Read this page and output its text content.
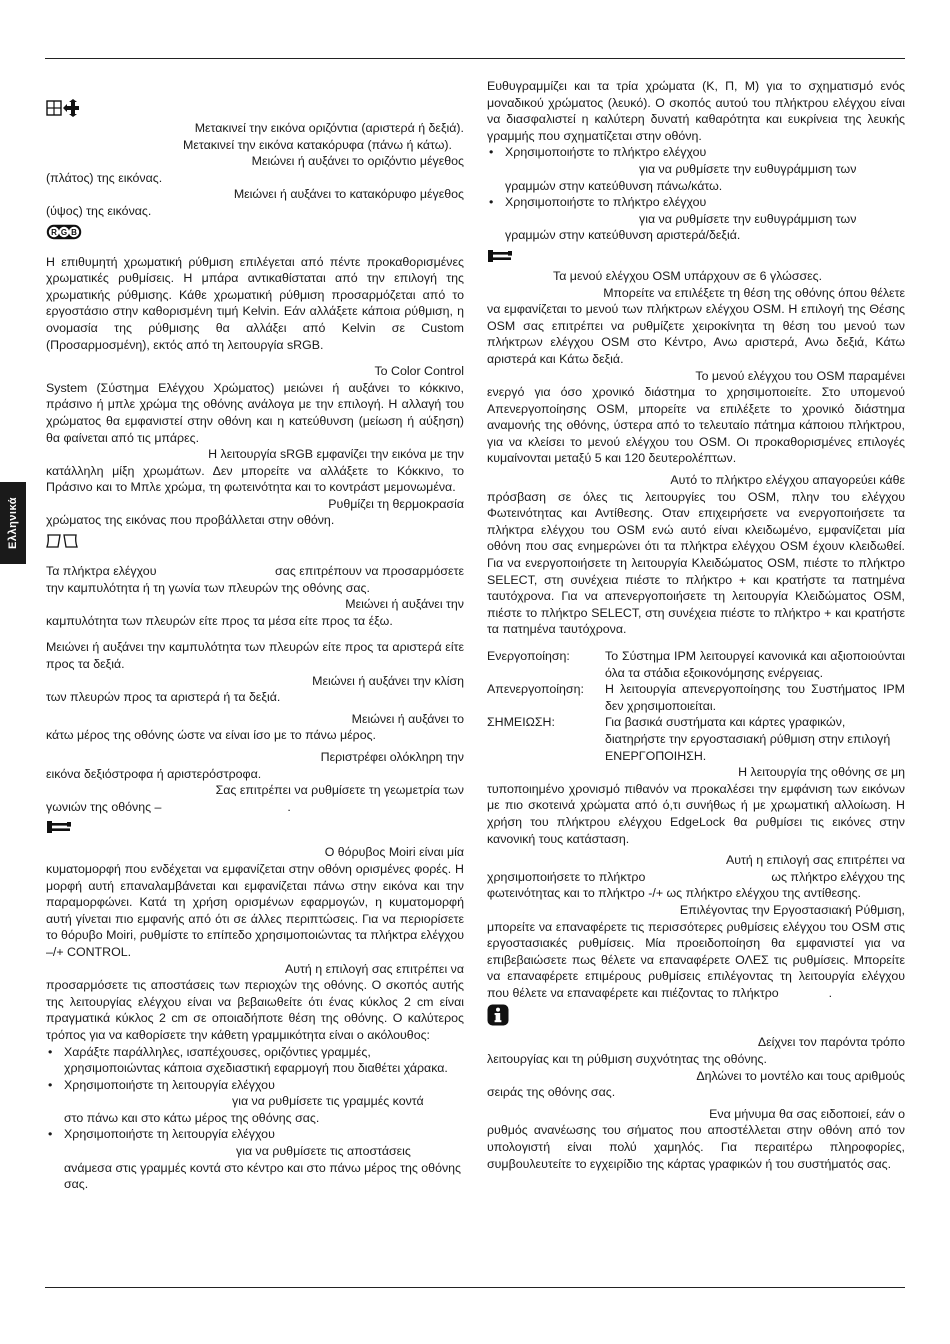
Ελληνικά

Μετακινεί την εικόνα οριζόντια (αριστερά ή δεξιά).

Μετακινεί την εικόνα κατακόρυφα (πάνω ή κάτω).

Μειώνει ή αυξάνει το οριζόντιο μέγεθος

(πλάτος) της εικόνας.

Μειώνει ή αυξάνει το κατακόρυφο μέγεθος

(ύψος) της εικόνας.

R G B

Η επιθυμητή χρωματική ρύθμιση επιλέγεται από πέντε προκαθορισμένες χρωματικές ρυθμίσεις. Η μπάρα αντικαθίσταται από την επιλογή της χρωματικής ρύθμισης. Κάθε χρωματική ρύθμιση προσαρμόζεται από το εργοστάσιο στην καθορισμένη τιμή Kelvin. Εάν αλλάξετε κάποια ρύθμιση, η ονομασία της ρύθμισης θα αλλάξει από Kelvin σε Custom (Προσαρμοσμένη), εκτός από τη λειτουργία sRGB.

Το Color Control

System (Σύστημα Ελέγχου Χρώματος) μειώνει ή αυξάνει το κόκκινο, πράσινο ή μπλε χρώμα της οθόνης ανάλογα με την επιλογή. Η αλλαγή του χρώματος θα εμφανιστεί στην οθόνη και η κατεύθυνση (μείωση ή αύξηση) θα φαίνεται από τις μπάρες.

Η λειτουργία sRGB εμφανίζει την εικόνα με την

κατάλληλη μίξη χρωμάτων. Δεν μπορείτε να αλλάξετε το Κόκκινο, το Πράσινο και το Μπλε χρώμα, τη φωτεινότητα και το κοντράστ μεμονωμένα.

Ρυθμίζει τη θερμοκρασία

χρώματος της εικόνας που προβάλλεται στην οθόνη.

Τα πλήκτρα ελέγχου	σας επιτρέπουν να προσαρμόσετε

την καμπυλότητα ή τη γωνία των πλευρών της οθόνης σας.

Μειώνει ή αυξάνει την

καμπυλότητα των πλευρών είτε προς τα μέσα είτε προς τα έξω.

Μειώνει ή αυξάνει την καμπυλότητα των πλευρών είτε προς τα αριστερά είτε προς τα δεξιά.

Μειώνει ή αυξάνει την κλίση

των πλευρών προς τα αριστερά ή τα δεξιά.

Μειώνει ή αυξάνει το

κάτω μέρος της οθόνης ώστε να είναι ίσο με το πάνω μέρος.

Περιστρέφει ολόκληρη την

εικόνα δεξιόστροφα ή αριστερόστροφα.

Σας επιτρέπει να ρυθμίσετε τη γεωμετρία των

γωνιών της οθόνης –	.

Ο θόρυβος Moiri είναι μία

κυματομορφή που ενδέχεται να εμφανίζεται στην οθόνη ορισμένες φορές. Η μορφή αυτή επαναλαμβάνεται και εμφανίζεται πάνω στην εικόνα και την παραμορφώνει. Κατά τη χρήση ορισμένων εφαρμογών, η κυματομορφή αυτή γίνεται πιο εμφανής από ότι σε άλλες περιπτώσεις. Για να περιορίσετε το θόρυβο Moiri, ρυθμίστε το επίπεδο χρησιμοποιώντας τα πλήκτρα ελέγχου –/+ CONTROL.

Αυτή η επιλογή σας επιτρέπει να

προσαρμόσετε τις αποστάσεις των περιοχών της οθόνης. Ο σκοπός αυτής της λειτουργίας ελέγχου είναι να βεβαιωθείτε ότι ένας κύκλος 2 cm είναι πραγματικά κύκλος 2 cm σε οποιαδήποτε θέση της οθόνης. Ο καλύτερος τρόπος για να καθορίσετε την κάθετη γραμμικότητα είναι ο ακόλουθος:

• Χαράξτε παράλληλες, ισαπέχουσες, οριζόντιες γραμμές, χρησιμοποιώντας κάποια σχεδιαστική εφαρμογή που διαθέτει χάρακα.
• Χρησιμοποιήστε τη λειτουργία ελέγχου
για να ρυθμίσετε τις γραμμές κοντά
στο πάνω και στο κάτω μέρος της οθόνης σας.
• Χρησιμοποιήστε τη λειτουργία ελέγχου
για να ρυθμίσετε τις αποστάσεις
ανάμεσα στις γραμμές κοντά στο κέντρο και στο πάνω μέρος της οθόνης σας.

Ευθυγραμμίζει και τα τρία χρώματα (Κ, Π, Μ) για το σχηματισμό ενός μοναδικού χρώματος (λευκό). Ο σκοπός αυτού του πλήκτρου ελέγχου είναι να διασφαλιστεί η καλύτερη δυνατή καθαρότητα και ευκρίνεια της λευκής γραμμής που σχηματίζεται στην οθόνη.

• Χρησιμοποιήστε το πλήκτρο ελέγχου
για να ρυθμίσετε την ευθυγράμμιση των
γραμμών στην κατεύθυνση πάνω/κάτω.
• Χρησιμοποιήστε το πλήκτρο ελέγχου
για να ρυθμίσετε την ευθυγράμμιση των
γραμμών στην κατεύθυνση αριστερά/δεξιά.

Τα μενού ελέγχου OSM υπάρχουν σε 6 γλώσσες.

Μπορείτε να επιλέξετε τη θέση της οθόνης όπου θέλετε

να εμφανίζεται το μενού των πλήκτρων ελέγχου OSM. Η επιλογή της Θέσης OSM σας επιτρέπει να ρυθμίζετε χειροκίνητα τη θέση του μενού των πλήκτρων ελέγχου OSM στο Κέντρο, Ανω αριστερά, Ανω δεξιά, Κάτω αριστερά και Κάτω δεξιά.

Το μενού ελέγχου του OSM παραμένει

ενεργό για όσο χρονικό διάστημα το χρησιμοποιείτε. Στο υπομενού Απενεργοποίησης OSM, μπορείτε να επιλέξετε το χρονικό διάστημα αναμονής της οθόνης, ύστερα από το τελευταίο πάτημα κάποιου πλήκτρου, για να κλείσει το μενού ελέγχου του OSM. Οι προκαθορισμένες επιλογές κυμαίνονται μεταξύ 5 και 120 δευτερολέπτων.

Αυτό το πλήκτρο ελέγχου απαγορεύει κάθε

πρόσβαση σε όλες τις λειτουργίες του OSM, πλην του ελέγχου Φωτεινότητας και Αντίθεσης. Οταν επιχειρήσετε να ενεργοποιήσετε τα πλήκτρα ελέγχου του OSM ενώ αυτό είναι κλειδωμένο, εμφανίζεται μία οθόνη που σας ενημερώνει ότι τα πλήκτρα ελέγχου OSM έχουν κλειδωθεί. Για να ενεργοποιήσετε τη λειτουργία Κλειδώματος OSM, πιέστε το πλήκτρο SELECT, στη συνέχεια πιέστε το πλήκτρο + και κρατήστε τα πατημένα ταυτόχρονα. Για να απενεργοποιήσετε τη λειτουργία Κλειδώματος OSM, πιέστε το πλήκτρο SELECT, στη συνέχεια πιέστε το πλήκτρο + και κρατήστε τα πατημένα ταυτόχρονα.

Ενεργοποίηση:	Το Σύστημα IPM λειτουργεί κανονικά και αξιοποιούνται όλα τα στάδια εξοικονόμησης ενέργειας.
Απενεργοποίηση:	Η λειτουργία απενεργοποίησης του Συστήματος IPM δεν χρησιμοποιείται.
ΣΗΜΕΙΩΣΗ:	Για βασικά συστήματα και κάρτες γραφικών, διατηρήστε την εργοστασιακή ρύθμιση στην επιλογή ΕΝΕΡΓΟΠΟΙΗΣΗ.

Η λειτουργία της οθόνης σε μη

τυποποιημένο χρονισμό πιθανόν να προκαλέσει την εμφάνιση των εικόνων με πιο σκοτεινά χρώματα από ό,τι συνήθως ή με χρωματική αλλοίωση. Η χρήση του πλήκτρου ελέγχου EdgeLock θα ρυθμίσει τις εικόνες στην κανονική τους κατάσταση.

Αυτή η επιλογή σας επιτρέπει να

χρησιμοποιήσετε το πλήκτρο	ως πλήκτρο ελέγχου της

φωτεινότητας και το πλήκτρο -/+ ως πλήκτρο ελέγχου της αντίθεσης.

Επιλέγοντας την Εργοστασιακή Ρύθμιση,

μπορείτε να επαναφέρετε τις περισσότερες ρυθμίσεις ελέγχου του OSM στις εργοστασιακές ρυθμίσεις. Μία προειδοποίηση θα εμφανιστεί για να επιβεβαιώσετε πως θέλετε να επαναφέρετε ΟΛΕΣ τις ρυθμίσεις. Μπορείτε να επαναφέρετε επιμέρους ρυθμίσεις επιλέγοντας τη λειτουργία ελέγχου που θέλετε να επαναφέρετε και πιέζοντας το πλήκτρο	.

Δείχνει τον παρόντα τρόπο

λειτουργίας και τη ρύθμιση συχνότητας της οθόνης.

Δηλώνει το μοντέλο και τους αριθμούς

σειράς της οθόνης σας.

Ενα μήνυμα θα σας ειδοποιεί, εάν ο

ρυθμός ανανέωσης του σήματος που αποστέλλεται στην οθόνη από τον υπολογιστή είναι πολύ χαμηλός. Για περαιτέρω πληροφορίες, συμβουλευτείτε το εγχειρίδιο της κάρτας γραφικών ή του συστήματός σας.
